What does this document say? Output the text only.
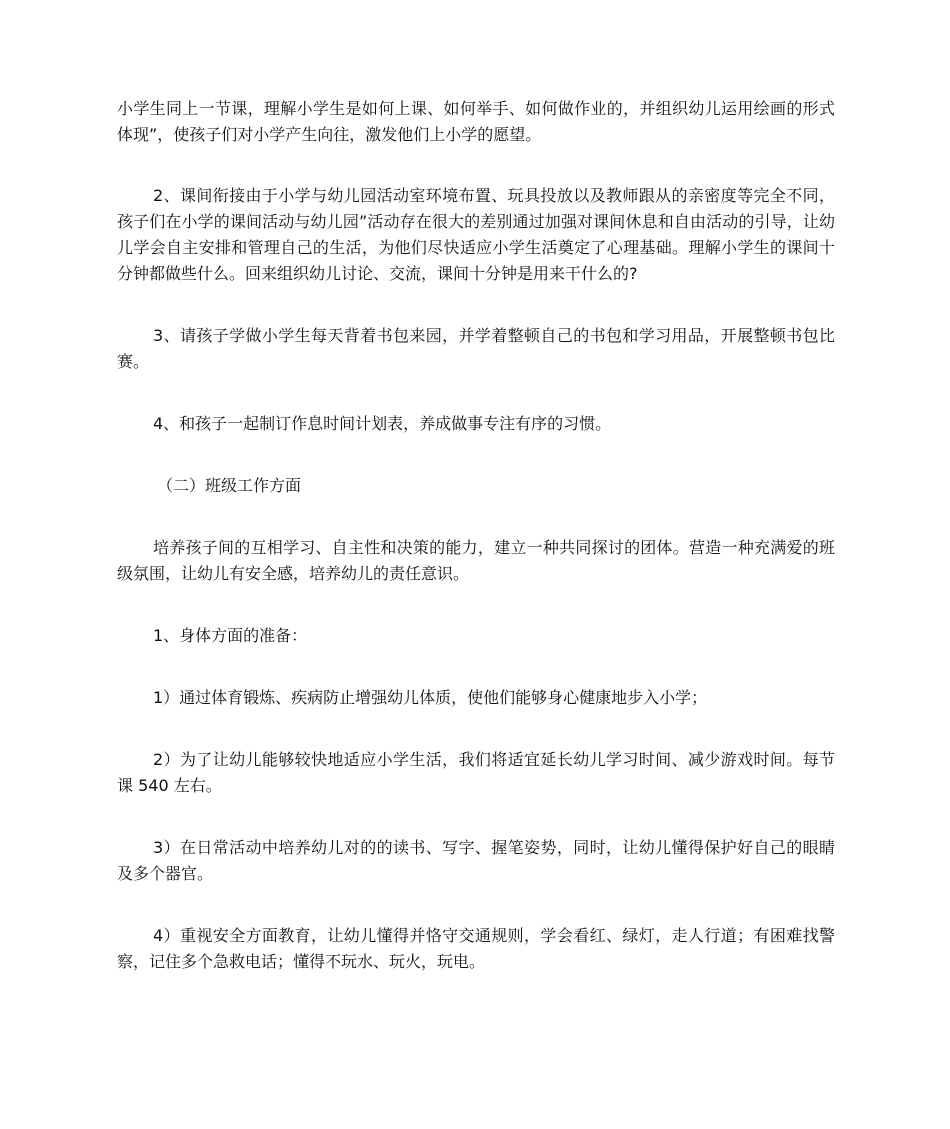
小学生同上一节课，理解小学生是如何上课、如何举手、如何做作业的，并组织幼儿运用绘画的形式体现”，使孩子们对小学产生向往，激发他们上小学的愿望。

2、课间衔接由于小学与幼儿园活动室环境布置、玩具投放以及教师跟从的亲密度等完全不同，孩子们在小学的课间活动与幼儿园”活动存在很大的差别通过加强对课间休息和自由活动的引导，让幼儿学会自主安排和管理自己的生活，为他们尽快适应小学生活奠定了心理基础。理解小学生的课间十分钟都做些什么。回来组织幼儿讨论、交流，课间十分钟是用来干什么的?

3、请孩子学做小学生每天背着书包来园，并学着整顿自己的书包和学习用品，开展整顿书包比赛。

4、和孩子一起制订作息时间计划表，养成做事专注有序的习惯。

（二）班级工作方面

培养孩子间的互相学习、自主性和决策的能力，建立一种共同探讨的团体。营造一种充满爱的班级氛围，让幼儿有安全感，培养幼儿的责任意识。

1、身体方面的准备：

1）通过体育锻炼、疾病防止增强幼儿体质，使他们能够身心健康地步入小学；

2）为了让幼儿能够较快地适应小学生活，我们将适宜延长幼儿学习时间、减少游戏时间。每节课 540 左右。

3）在日常活动中培养幼儿对的的读书、写字、握笔姿势，同时，让幼儿懂得保护好自己的眼睛及多个器官。

4）重视安全方面教育，让幼儿懂得并恪守交通规则，学会看红、绿灯，走人行道；有困难找警察，记住多个急救电话；懂得不玩水、玩火，玩电。
